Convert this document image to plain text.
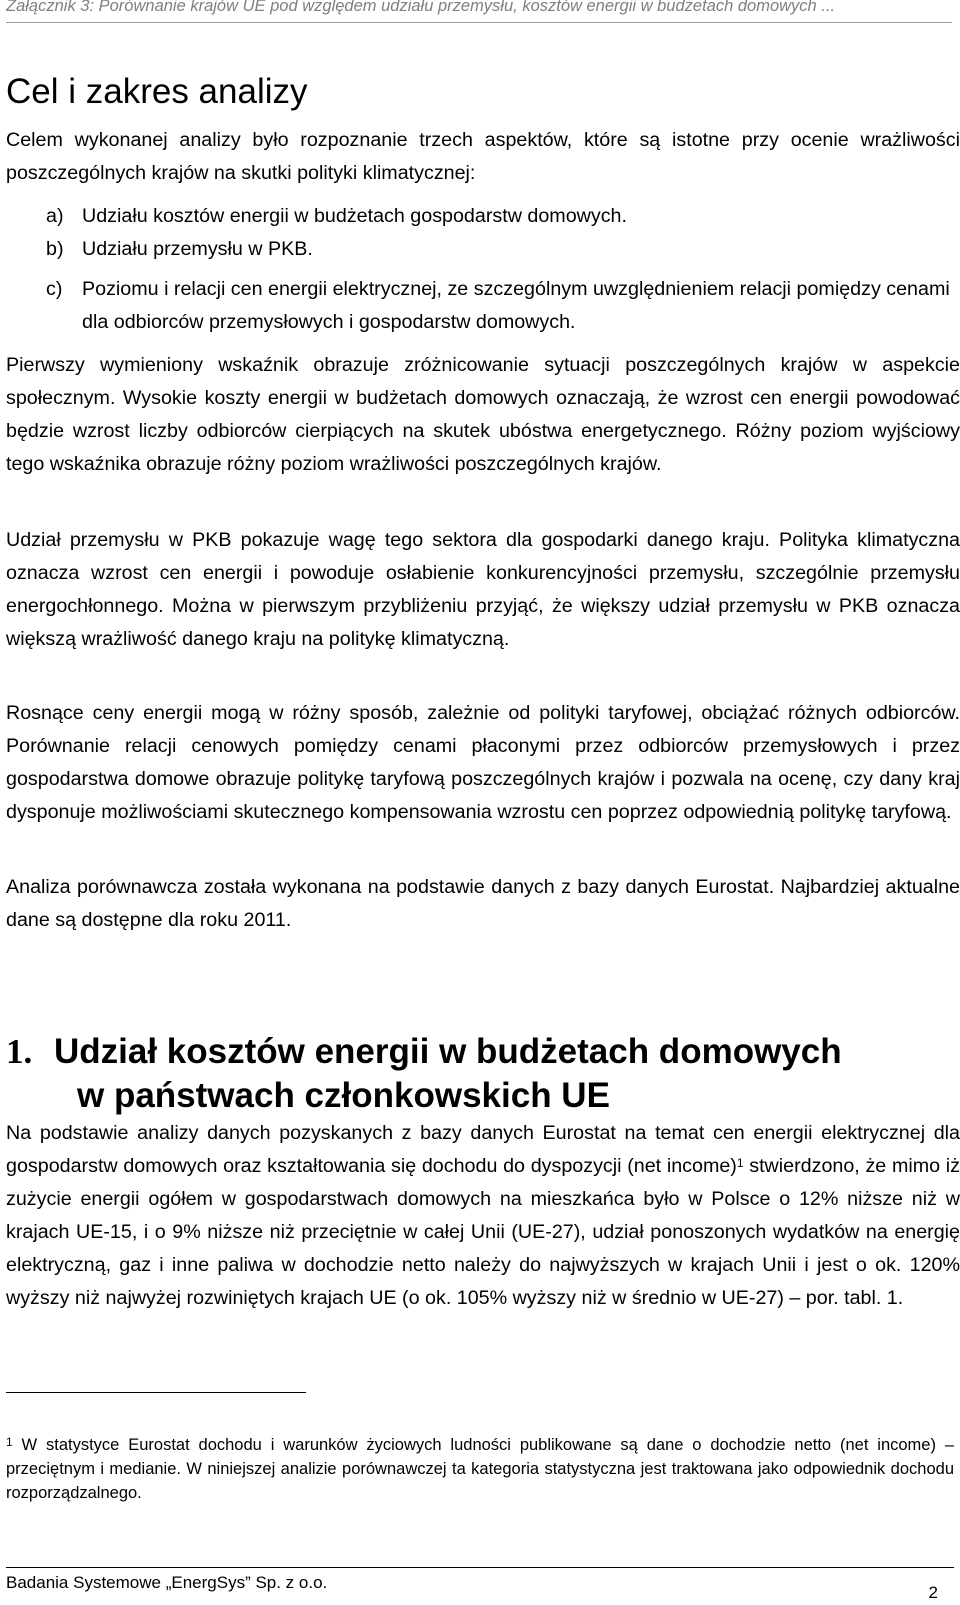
Załącznik 3: Porównanie krajów UE pod względem udziału przemysłu, kosztów energii w budżetach domowych ...
Cel i zakres analizy

Celem wykonanej analizy było rozpoznanie trzech aspektów, które są istotne przy ocenie wrażliwości poszczególnych krajów na skutki polityki klimatycznej:

a) Udziału kosztów energii w budżetach gospodarstw domowych.
b) Udziału przemysłu w PKB.
c) Poziomu i relacji cen energii elektrycznej, ze szczególnym uwzględnieniem relacji pomiędzy cenami dla odbiorców przemysłowych i gospodarstw domowych.

Pierwszy wymieniony wskaźnik obrazuje zróżnicowanie sytuacji poszczególnych krajów w aspekcie społecznym. Wysokie koszty energii w budżetach domowych oznaczają, że wzrost cen energii powodować będzie wzrost liczby odbiorców cierpiących na skutek ubóstwa energetycznego. Różny poziom wyjściowy tego wskaźnika obrazuje różny poziom wrażliwości poszczególnych krajów.

Udział przemysłu w PKB pokazuje wagę tego sektora dla gospodarki danego kraju. Polityka klimatyczna oznacza wzrost cen energii i powoduje osłabienie konkurencyjności przemysłu, szczególnie przemysłu energochłonnego. Można w pierwszym przybliżeniu przyjąć, że większy udział przemysłu w PKB oznacza większą wrażliwość danego kraju na politykę klimatyczną.

Rosnące ceny energii mogą w różny sposób, zależnie od polityki taryfowej, obciążać różnych odbiorców. Porównanie relacji cenowych pomiędzy cenami płaconymi przez odbiorców przemysłowych i przez gospodarstwa domowe obrazuje politykę taryfową poszczególnych krajów i pozwala na ocenę, czy dany kraj dysponuje możliwościami skutecznego kompensowania wzrostu cen poprzez odpowiednią politykę taryfową.

Analiza porównawcza została wykonana na podstawie danych z bazy danych Eurostat. Najbardziej aktualne dane są dostępne dla roku 2011.

1. Udział kosztów energii w budżetach domowych
w państwach członkowskich UE

Na podstawie analizy danych pozyskanych z bazy danych Eurostat na temat cen energii elektrycznej dla gospodarstw domowych oraz kształtowania się dochodu do dyspozycji (net income)$^1$ stwierdzono, że mimo iż zużycie energii ogółem w gospodarstwach domowych na mieszkańca było w Polsce o 12% niższe niż w krajach UE-15, i o 9% niższe niż przeciętnie w całej Unii (UE-27), udział ponoszonych wydatków na energię elektryczną, gaz i inne paliwa w dochodzie netto należy do najwyższych w krajach Unii i jest o ok. 120% wyższy niż najwyżej rozwiniętych krajach UE (o ok. 105% wyższy niż w średnio w UE-27) – por. tabl. 1.

$^1$ W statystyce Eurostat dochodu i warunków życiowych ludności publikowane są dane o dochodzie netto (net income) – przeciętnym i medianie. W niniejszej analizie porównawczej ta kategoria statystyczna jest traktowana jako odpowiednik dochodu rozporządzalnego.

Badania Systemowe „EnergSys” Sp. z o.o.
2
